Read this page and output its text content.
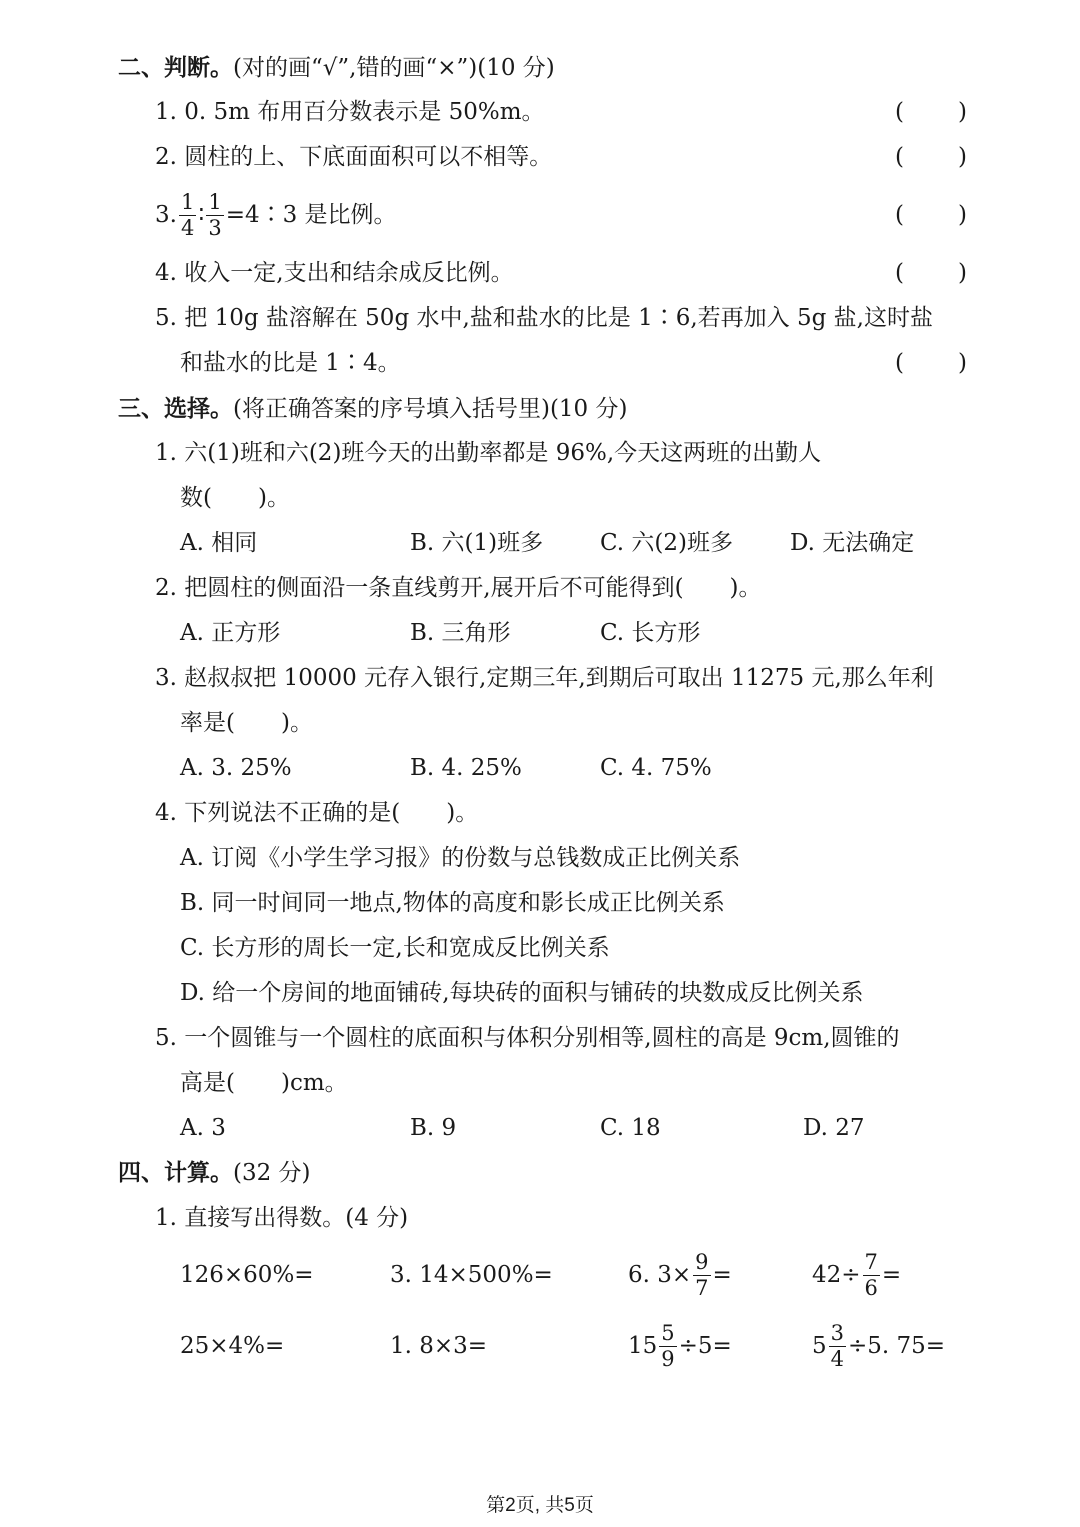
二、判断。(对的画“√”,错的画“×”)(10 分)
1. 0. 5m 布用百分数表示是 50%m。	( )
2. 圆柱的上、下底面面积可以不相等。	( )
3. $\frac{1}{4}$ ∶ $\frac{1}{3}$ =4∶3 是比例。	( )
4. 收入一定,支出和结余成反比例。	( )
5. 把 10g 盐溶解在 50g 水中,盐和盐水的比是 1∶6,若再加入 5g 盐,这时盐
和盐水的比是 1∶4。	( )
三、选择。(将正确答案的序号填入括号里)(10 分)
1. 六(1)班和六(2)班今天的出勤率都是 96%,今天这两班的出勤人
数(　　)。
A. 相同	B. 六(1)班多 C. 六(2)班多 D. 无法确定
2. 把圆柱的侧面沿一条直线剪开,展开后不可能得到(　　)。
A. 正方形	B. 三角形	C. 长方形
3. 赵叔叔把 10000 元存入银行,定期三年,到期后可取出 11275 元,那么年利
率是(　　)。
A. 3. 25%	B. 4. 25%	C. 4. 75%
4. 下列说法不正确的是(　　)。
A. 订阅《小学生学习报》的份数与总钱数成正比例关系
B. 同一时间同一地点,物体的高度和影长成正比例关系
C. 长方形的周长一定,长和宽成反比例关系
D. 给一个房间的地面铺砖,每块砖的面积与铺砖的块数成反比例关系
5. 一个圆锥与一个圆柱的底面积与体积分别相等,圆柱的高是 9cm,圆锥的
高是(　　)cm。
A. 3	B. 9	C. 18	D. 27
四、计算。(32 分)
1. 直接写出得数。(4 分)
126×60%=	3. 14×500%=	6. $3\times \frac{9}{7}$ =	$42\div \frac{7}{6}$ =
25×4%=	1. 8×3=	$15 \frac{5}{9} \div 5=$	$5 \frac{3}{4} \div 5$. 75=
第2页, 共5页
